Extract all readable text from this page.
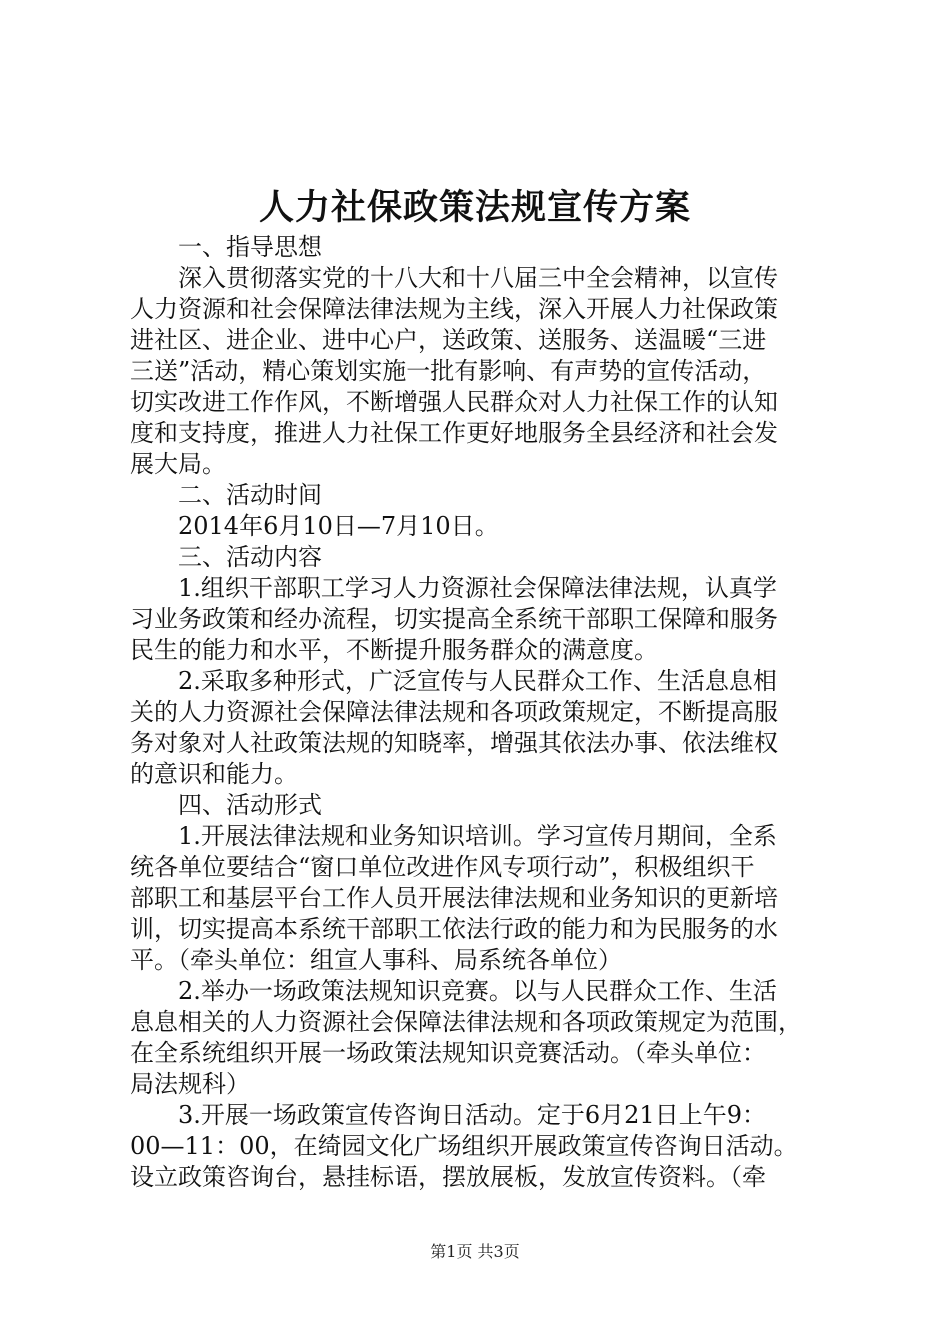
人力社保政策法规宣传方案
一、指导思想
深入贯彻落实党的十八大和十八届三中全会精神，以宣传
人力资源和社会保障法律法规为主线，深入开展人力社保政策
进社区、进企业、进中心户，送政策、送服务、送温暖“三进
三送”活动，精心策划实施一批有影响、有声势的宣传活动，
切实改进工作作风，不断增强人民群众对人力社保工作的认知
度和支持度，推进人力社保工作更好地服务全县经济和社会发
展大局。
二、活动时间
2014年6月10日—7月10日。
三、活动内容
1.组织干部职工学习人力资源社会保障法律法规，认真学
习业务政策和经办流程，切实提高全系统干部职工保障和服务
民生的能力和水平，不断提升服务群众的满意度。
2.采取多种形式，广泛宣传与人民群众工作、生活息息相
关的人力资源社会保障法律法规和各项政策规定，不断提高服
务对象对人社政策法规的知晓率，增强其依法办事、依法维权
的意识和能力。
四、活动形式
1.开展法律法规和业务知识培训。学习宣传月期间，全系
统各单位要结合“窗口单位改进作风专项行动”，积极组织干
部职工和基层平台工作人员开展法律法规和业务知识的更新培
训，切实提高本系统干部职工依法行政的能力和为民服务的水
平。（牵头单位：组宣人事科、局系统各单位）
2.举办一场政策法规知识竞赛。以与人民群众工作、生活
息息相关的人力资源社会保障法律法规和各项政策规定为范围，
在全系统组织开展一场政策法规知识竞赛活动。（牵头单位：
局法规科）
3.开展一场政策宣传咨询日活动。定于6月21日上午9：
00—11：00，在绮园文化广场组织开展政策宣传咨询日活动。
设立政策咨询台，悬挂标语，摆放展板，发放宣传资料。（牵
第1页 共3页
